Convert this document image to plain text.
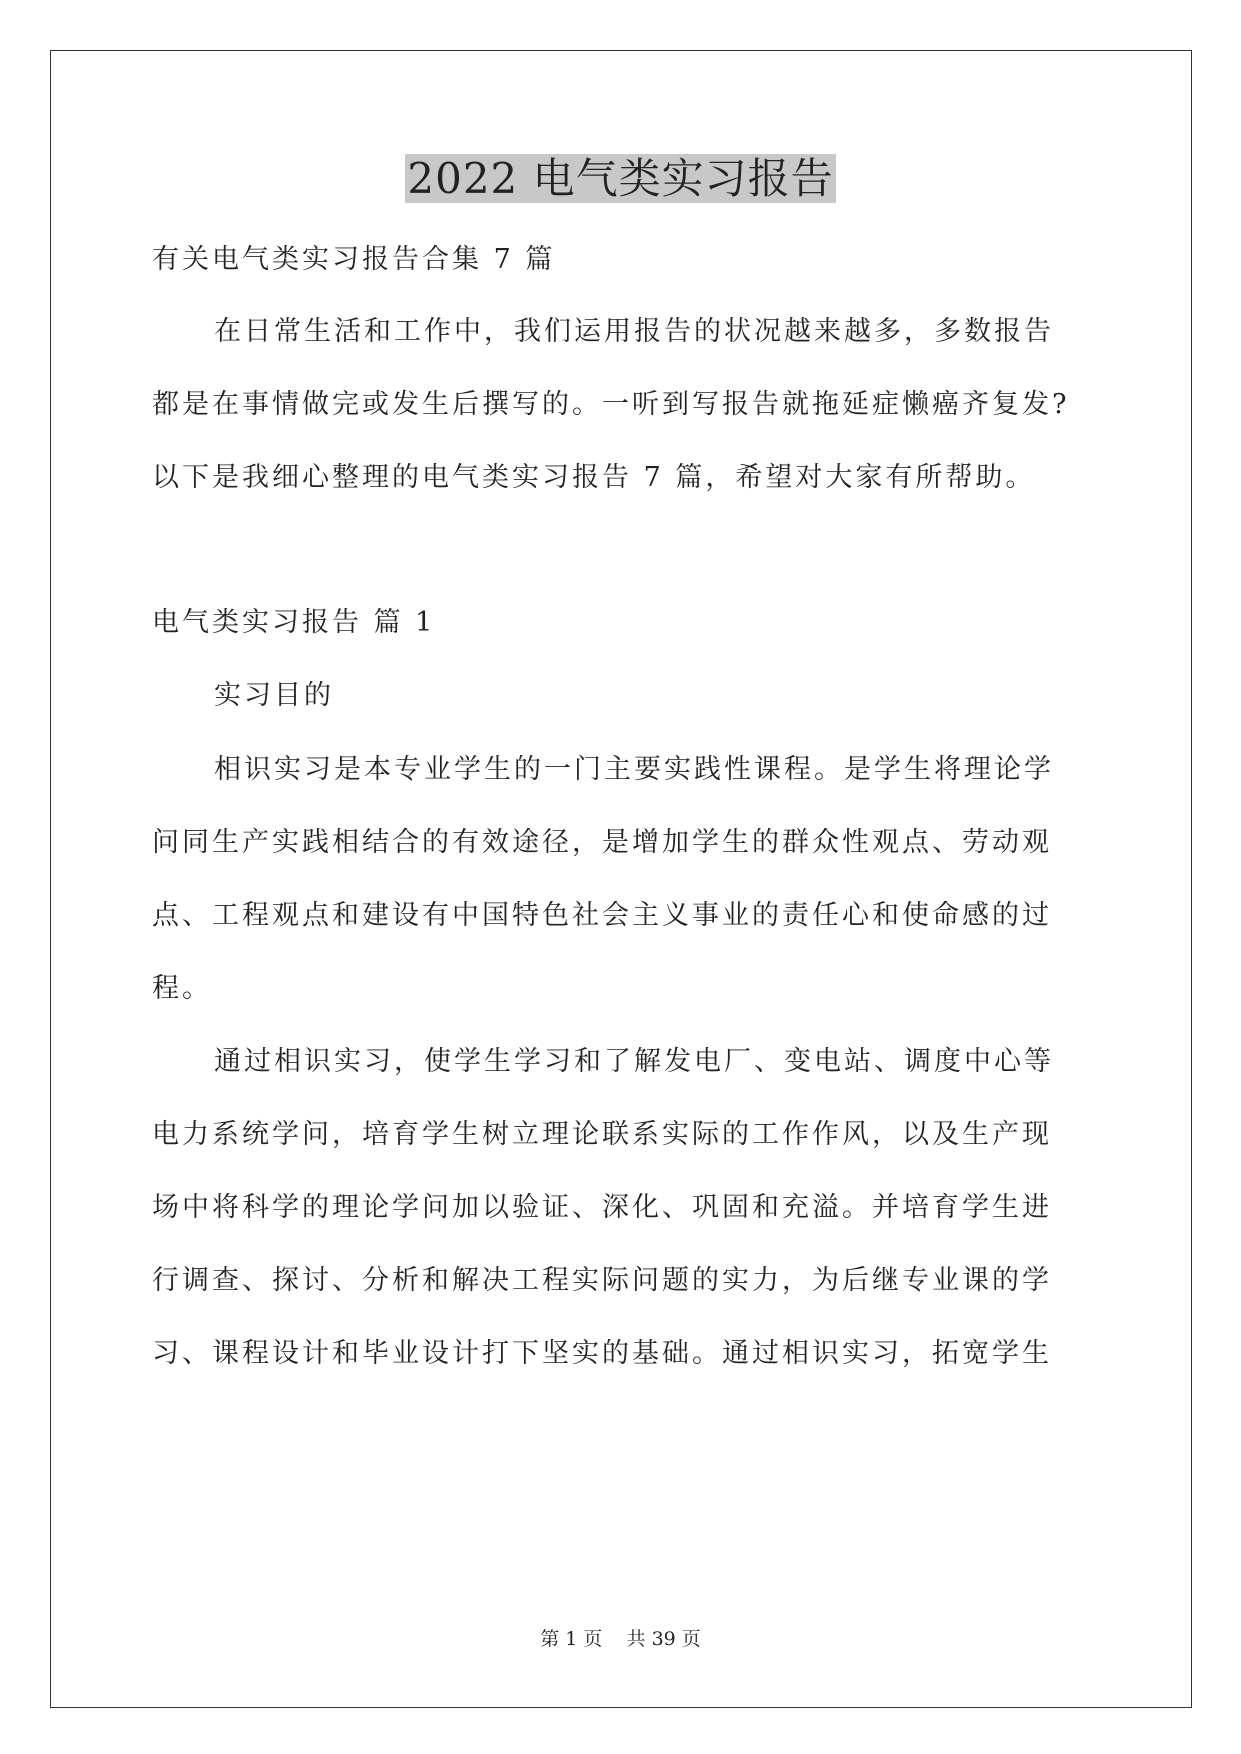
2022 电气类实习报告

有关电气类实习报告合集 7 篇

在日常生活和工作中，我们运用报告的状况越来越多，多数报告

都是在事情做完或发生后撰写的。一听到写报告就拖延症懒癌齐复发?

以下是我细心整理的电气类实习报告 7 篇，希望对大家有所帮助。

电气类实习报告 篇 1

实习目的

相识实习是本专业学生的一门主要实践性课程。是学生将理论学

问同生产实践相结合的有效途径，是增加学生的群众性观点、劳动观

点、工程观点和建设有中国特色社会主义事业的责任心和使命感的过

程。

通过相识实习，使学生学习和了解发电厂、变电站、调度中心等

电力系统学问，培育学生树立理论联系实际的工作作风，以及生产现

场中将科学的理论学问加以验证、深化、巩固和充溢。并培育学生进

行调查、探讨、分析和解决工程实际问题的实力，为后继专业课的学

习、课程设计和毕业设计打下坚实的基础。通过相识实习，拓宽学生

第 1 页 共 39 页
